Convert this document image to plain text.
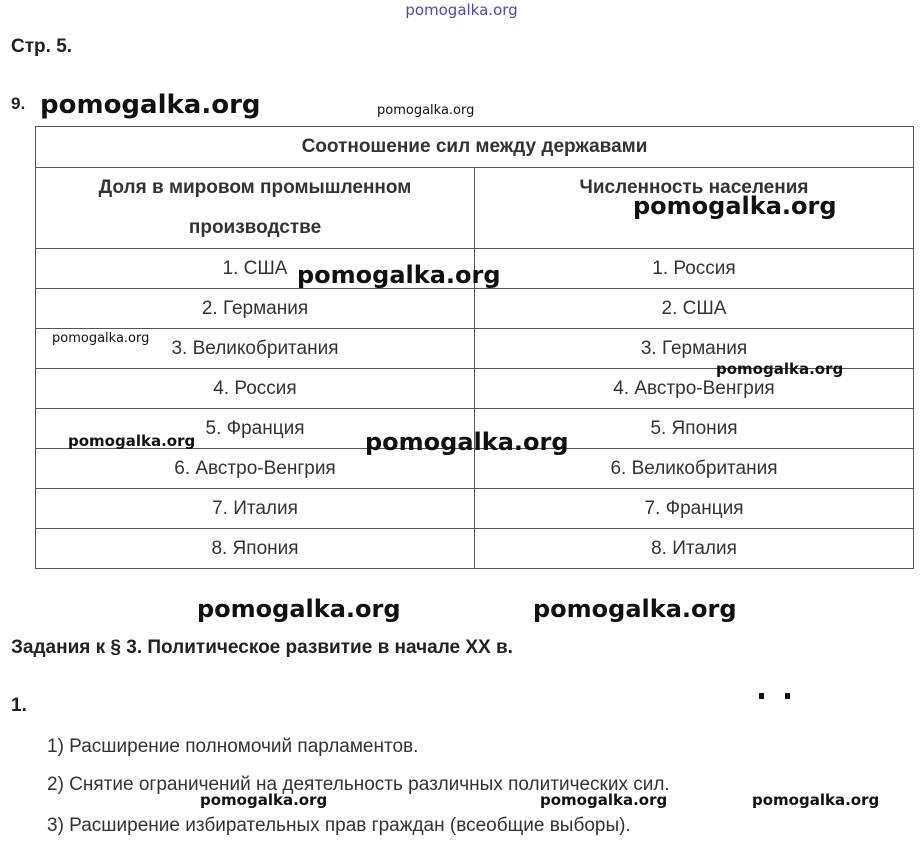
pomogalka.org
Стр. 5.
9. pomogalka.org	pomogalka.org
Соотношение сил между державами	
Доля в мировом промышленном производстве	Численность населения
1. США	1. Россия
2. Германия	2. США
3. Великобритания	3. Германия
4. Россия	4. Австро-Венгрия
5. Франция	5. Япония
6. Австро-Венгрия	6. Великобритания
7. Италия	7. Франция
8. Япония	8. Италия
pomogalka.org
pomogalka.org
pomogalka.org
pomogalka.org
pomogalka.org	pomogalka.org
pomogalka.org	pomogalka.org
Задания к § 3. Политическое развитие в начале XX в.
1.
1) Расширение полномочий парламентов.
2) Снятие ограничений на деятельность различных политических сил.
3) Расширение избирательных прав граждан (всеобщие выборы).
pomogalka.org	pomogalka.org	pomogalka.org
